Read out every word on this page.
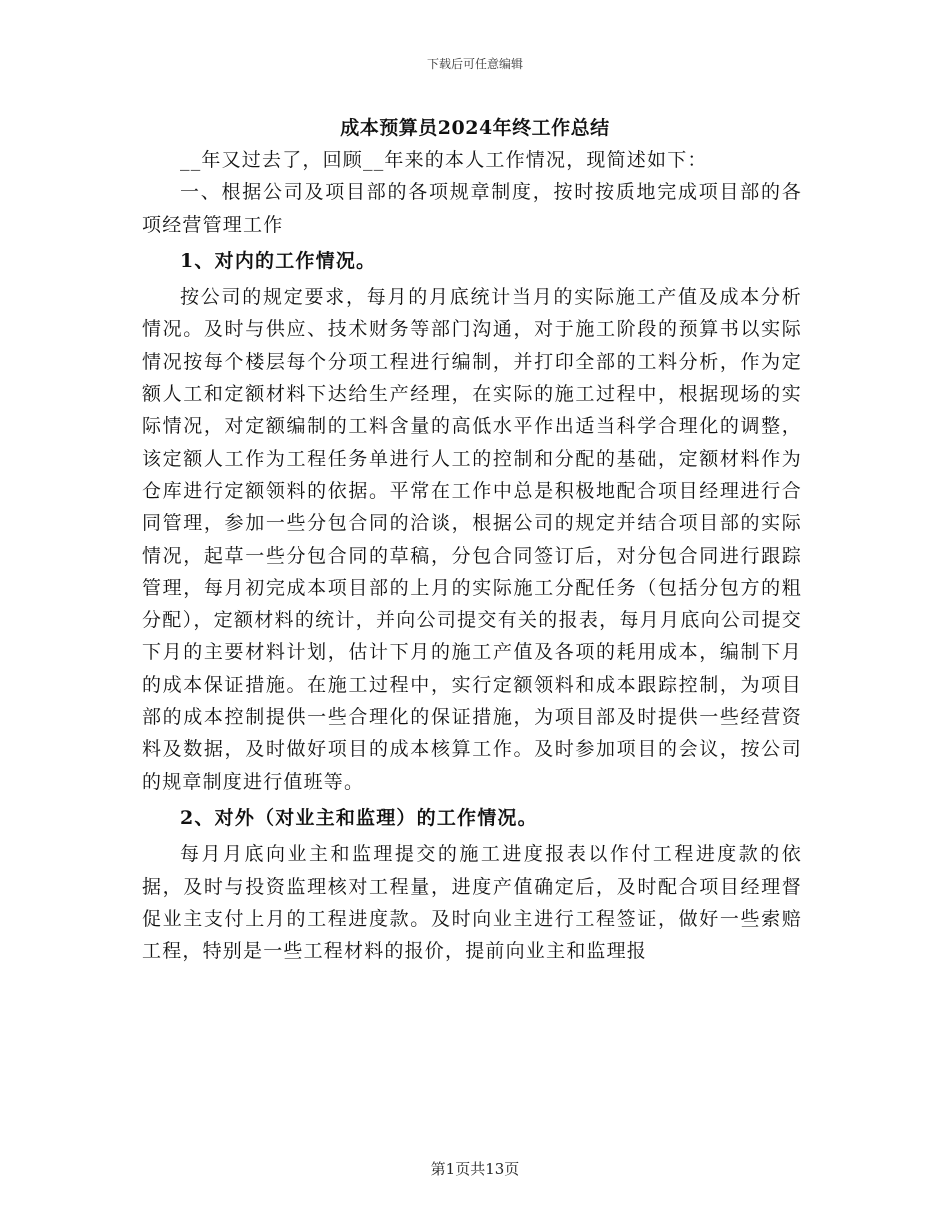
下载后可任意编辑
成本预算员2024年终工作总结

__年又过去了，回顾__年来的本人工作情况，现简述如下：

一、根据公司及项目部的各项规章制度，按时按质地完成项目部的各项经营管理工作

1、对内的工作情况。

按公司的规定要求，每月的月底统计当月的实际施工产值及成本分析情况。及时与供应、技术财务等部门沟通，对于施工阶段的预算书以实际情况按每个楼层每个分项工程进行编制，并打印全部的工料分析，作为定额人工和定额材料下达给生产经理，在实际的施工过程中，根据现场的实际情况，对定额编制的工料含量的高低水平作出适当科学合理化的调整，该定额人工作为工程任务单进行人工的控制和分配的基础，定额材料作为仓库进行定额领料的依据。平常在工作中总是积极地配合项目经理进行合同管理，参加一些分包合同的洽谈，根据公司的规定并结合项目部的实际情况，起草一些分包合同的草稿，分包合同签订后，对分包合同进行跟踪管理，每月初完成本项目部的上月的实际施工分配任务（包括分包方的粗分配），定额材料的统计，并向公司提交有关的报表，每月月底向公司提交下月的主要材料计划，估计下月的施工产值及各项的耗用成本，编制下月的成本保证措施。在施工过程中，实行定额领料和成本跟踪控制，为项目部的成本控制提供一些合理化的保证措施，为项目部及时提供一些经营资料及数据，及时做好项目的成本核算工作。及时参加项目的会议，按公司的规章制度进行值班等。

2、对外（对业主和监理）的工作情况。

每月月底向业主和监理提交的施工进度报表以作付工程进度款的依据，及时与投资监理核对工程量，进度产值确定后，及时配合项目经理督促业主支付上月的工程进度款。及时向业主进行工程签证，做好一些索赔工程，特别是一些工程材料的报价，提前向业主和监理报

第1页共13页
